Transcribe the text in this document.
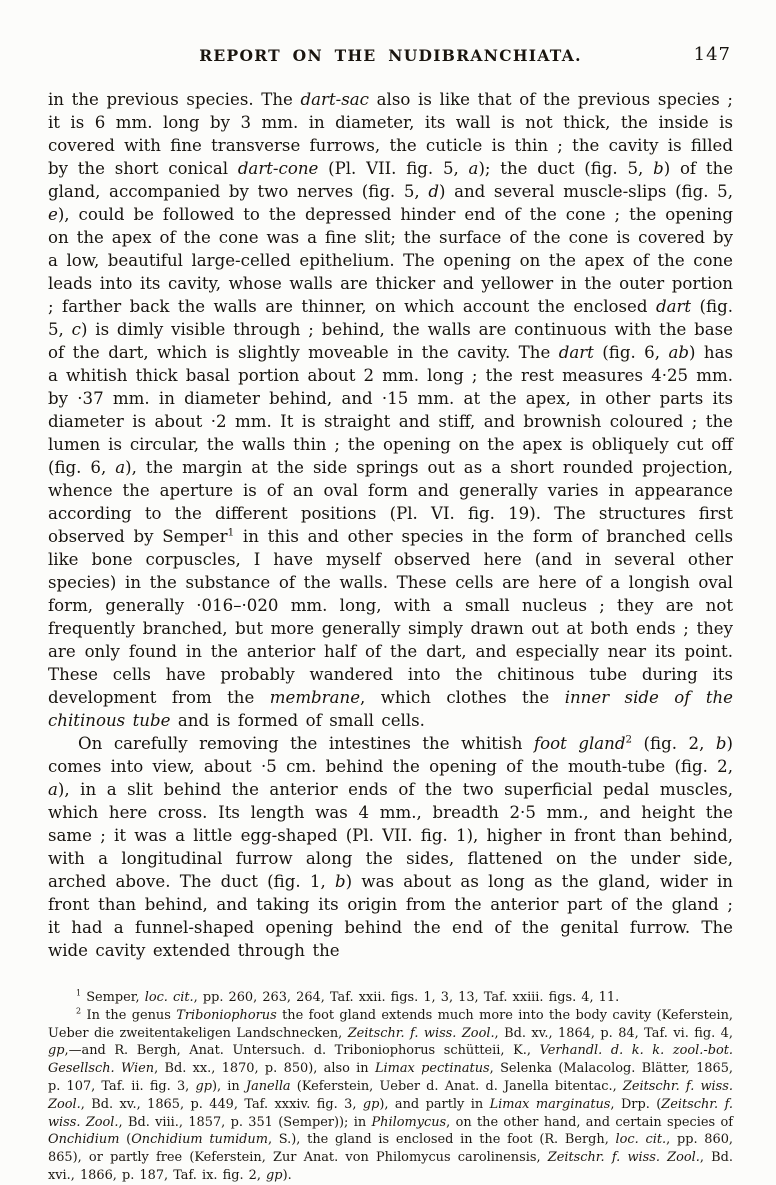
REPORT ON THE NUDIBRANCHIATA.	147

in the previous species. The dart-sac also is like that of the previous species ; it is 6 mm. long by 3 mm. in diameter, its wall is not thick, the inside is covered with fine transverse furrows, the cuticle is thin ; the cavity is filled by the short conical dart-cone (Pl. VII. fig. 5, a); the duct (fig. 5, b) of the gland, accompanied by two nerves (fig. 5, d) and several muscle-slips (fig. 5, e), could be followed to the depressed hinder end of the cone ; the opening on the apex of the cone was a fine slit; the surface of the cone is covered by a low, beautiful large-celled epithelium. The opening on the apex of the cone leads into its cavity, whose walls are thicker and yellower in the outer portion ; farther back the walls are thinner, on which account the enclosed dart (fig. 5, c) is dimly visible through ; behind, the walls are continuous with the base of the dart, which is slightly moveable in the cavity. The dart (fig. 6, ab) has a whitish thick basal portion about 2 mm. long ; the rest measures 4·25 mm. by ·37 mm. in diameter behind, and ·15 mm. at the apex, in other parts its diameter is about ·2 mm. It is straight and stiff, and brownish coloured ; the lumen is circular, the walls thin ; the opening on the apex is obliquely cut off (fig. 6, a), the margin at the side springs out as a short rounded projection, whence the aperture is of an oval form and generally varies in appearance according to the different positions (Pl. VI. fig. 19). The structures first observed by Semper$^1$ in this and other species in the form of branched cells like bone corpuscles, I have myself observed here (and in several other species) in the substance of the walls. These cells are here of a longish oval form, generally ·016–·020 mm. long, with a small nucleus ; they are not frequently branched, but more generally simply drawn out at both ends ; they are only found in the anterior half of the dart, and especially near its point. These cells have probably wandered into the chitinous tube during its development from the membrane, which clothes the inner side of the chitinous tube and is formed of small cells.

On carefully removing the intestines the whitish foot gland$^2$ (fig. 2, b) comes into view, about ·5 cm. behind the opening of the mouth-tube (fig. 2, a), in a slit behind the anterior ends of the two superficial pedal muscles, which here cross. Its length was 4 mm., breadth 2·5 mm., and height the same ; it was a little egg-shaped (Pl. VII. fig. 1), higher in front than behind, with a longitudinal furrow along the sides, flattened on the under side, arched above. The duct (fig. 1, b) was about as long as the gland, wider in front than behind, and taking its origin from the anterior part of the gland ; it had a funnel-shaped opening behind the end of the genital furrow. The wide cavity extended through the

$^1$ Semper, loc. cit., pp. 260, 263, 264, Taf. xxii. figs. 1, 3, 13, Taf. xxiii. figs. 4, 11.

$^2$ In the genus Triboniophorus the foot gland extends much more into the body cavity (Keferstein, Ueber die zweitentakeligen Landschnecken, Zeitschr. f. wiss. Zool., Bd. xv., 1864, p. 84, Taf. vi. fig. 4, gp,—and R. Bergh, Anat. Untersuch. d. Triboniophorus schütteii, K., Verhandl. d. k. k. zool.-bot. Gesellsch. Wien, Bd. xx., 1870, p. 850), also in Limax pectinatus, Selenka (Malacolog. Blätter, 1865, p. 107, Taf. ii. fig. 3, gp), in Janella (Keferstein, Ueber d. Anat. d. Janella bitentac., Zeitschr. f. wiss. Zool., Bd. xv., 1865, p. 449, Taf. xxxiv. fig. 3, gp), and partly in Limax marginatus, Drp. (Zeitschr. f. wiss. Zool., Bd. viii., 1857, p. 351 (Semper)); in Philomycus, on the other hand, and certain species of Onchidium (Onchidium tumidum, S.), the gland is enclosed in the foot (R. Bergh, loc. cit., pp. 860, 865), or partly free (Keferstein, Zur Anat. von Philomycus carolinensis, Zeitschr. f. wiss. Zool., Bd. xvi., 1866, p. 187, Taf. ix. fig. 2, gp).
